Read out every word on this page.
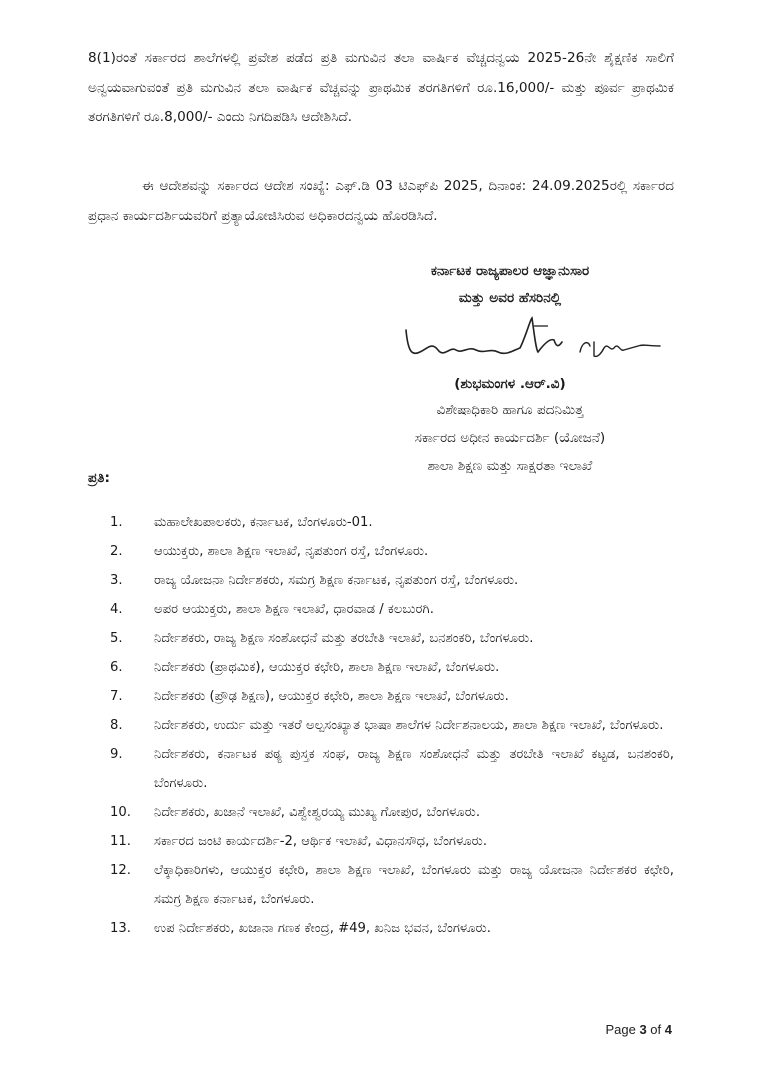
8(1)ರಂತೆ ಸರ್ಕಾರದ ಶಾಲೆಗಳಲ್ಲಿ ಪ್ರವೇಶ ಪಡೆದ ಪ್ರತಿ ಮಗುವಿನ ತಲಾ ವಾರ್ಷಿಕ ವೆಚ್ಚದನ್ವಯ 2025-26ನೇ ಶೈಕ್ಷಣಿಕ ಸಾಲಿಗೆ ಅನ್ವಯವಾಗುವಂತೆ ಪ್ರತಿ ಮಗುವಿನ ತಲಾ ವಾರ್ಷಿಕ ವೆಚ್ಚವನ್ನು ಪ್ರಾಥಮಿಕ ತರಗತಿಗಳಿಗೆ ರೂ.16,000/- ಮತ್ತು ಪೂರ್ವ ಪ್ರಾಥಮಿಕ ತರಗತಿಗಳಿಗೆ ರೂ.8,000/- ಎಂದು ನಿಗದಿಪಡಿಸಿ ಆದೇಶಿಸಿದೆ.

ಈ ಆದೇಶವನ್ನು ಸರ್ಕಾರದ ಆದೇಶ ಸಂಖ್ಯೆ: ಎಫ್.ಡಿ 03 ಟಿಎಫ್‌ಪಿ 2025, ದಿನಾಂಕ: 24.09.2025ರಲ್ಲಿ ಸರ್ಕಾರದ ಪ್ರಧಾನ ಕಾರ್ಯದರ್ಶಿಯವರಿಗೆ ಪ್ರತ್ಯಾಯೋಜಿಸಿರುವ ಅಧಿಕಾರದನ್ವಯ ಹೊರಡಿಸಿದೆ.

ಕರ್ನಾಟಕ ರಾಜ್ಯಪಾಲರ ಆಜ್ಞಾನುಸಾರ
ಮತ್ತು ಅವರ ಹೆಸರಿನಲ್ಲಿ
(ಶುಭಮಂಗಳ .ಆರ್.ವಿ)
ವಿಶೇಷಾಧಿಕಾರಿ ಹಾಗೂ ಪದನಿಮಿತ್ತ
ಸರ್ಕಾರದ ಅಧೀನ ಕಾರ್ಯದರ್ಶಿ (ಯೋಜನೆ)
ಶಾಲಾ ಶಿಕ್ಷಣ ಮತ್ತು ಸಾಕ್ಷರತಾ ಇಲಾಖೆ
ಪ್ರತಿ:
1.	ಮಹಾಲೇಖಪಾಲಕರು, ಕರ್ನಾಟಕ, ಬೆಂಗಳೂರು-01.
2.	ಆಯುಕ್ತರು, ಶಾಲಾ ಶಿಕ್ಷಣ ಇಲಾಖೆ, ನೃಪತುಂಗ ರಸ್ತೆ, ಬೆಂಗಳೂರು.
3.	ರಾಜ್ಯ ಯೋಜನಾ ನಿರ್ದೇಶಕರು, ಸಮಗ್ರ ಶಿಕ್ಷಣ ಕರ್ನಾಟಕ, ನೃಪತುಂಗ ರಸ್ತೆ, ಬೆಂಗಳೂರು.
4.	ಅಪರ ಆಯುಕ್ತರು, ಶಾಲಾ ಶಿಕ್ಷಣ ಇಲಾಖೆ, ಧಾರವಾಡ / ಕಲಬುರಗಿ.
5.	ನಿರ್ದೇಶಕರು, ರಾಜ್ಯ ಶಿಕ್ಷಣ ಸಂಶೋಧನೆ ಮತ್ತು ತರಬೇತಿ ಇಲಾಖೆ, ಬನಶಂಕರಿ, ಬೆಂಗಳೂರು.
6.	ನಿರ್ದೇಶಕರು (ಪ್ರಾಥಮಿಕ), ಆಯುಕ್ತರ ಕಛೇರಿ, ಶಾಲಾ ಶಿಕ್ಷಣ ಇಲಾಖೆ, ಬೆಂಗಳೂರು.
7.	ನಿರ್ದೇಶಕರು (ಪ್ರೌಢ ಶಿಕ್ಷಣ), ಆಯುಕ್ತರ ಕಛೇರಿ, ಶಾಲಾ ಶಿಕ್ಷಣ ಇಲಾಖೆ, ಬೆಂಗಳೂರು.
8.	ನಿರ್ದೇಶಕರು, ಉರ್ದು ಮತ್ತು ಇತರೆ ಅಲ್ಪಸಂಖ್ಯಾತ ಭಾಷಾ ಶಾಲೆಗಳ ನಿರ್ದೇಶನಾಲಯ, ಶಾಲಾ ಶಿಕ್ಷಣ ಇಲಾಖೆ, ಬೆಂಗಳೂರು.
9.	ನಿರ್ದೇಶಕರು, ಕರ್ನಾಟಕ ಪಠ್ಯ ಪುಸ್ತಕ ಸಂಘ, ರಾಜ್ಯ ಶಿಕ್ಷಣ ಸಂಶೋಧನೆ ಮತ್ತು ತರಬೇತಿ ಇಲಾಖೆ ಕಟ್ಟಡ, ಬನಶಂಕರಿ, ಬೆಂಗಳೂರು.
10.	ನಿರ್ದೇಶಕರು, ಖಜಾನೆ ಇಲಾಖೆ, ವಿಶ್ವೇಶ್ವರಯ್ಯ ಮುಖ್ಯ ಗೋಪುರ, ಬೆಂಗಳೂರು.
11.	ಸರ್ಕಾರದ ಜಂಟಿ ಕಾರ್ಯದರ್ಶಿ-2, ಆರ್ಥಿಕ ಇಲಾಖೆ, ವಿಧಾನಸೌಧ, ಬೆಂಗಳೂರು.
12.	ಲೆಕ್ಕಾಧಿಕಾರಿಗಳು, ಆಯುಕ್ತರ ಕಛೇರಿ, ಶಾಲಾ ಶಿಕ್ಷಣ ಇಲಾಖೆ, ಬೆಂಗಳೂರು ಮತ್ತು ರಾಜ್ಯ ಯೋಜನಾ ನಿರ್ದೇಶಕರ ಕಛೇರಿ, ಸಮಗ್ರ ಶಿಕ್ಷಣ ಕರ್ನಾಟಕ, ಬೆಂಗಳೂರು.
13.	ಉಪ ನಿರ್ದೇಶಕರು, ಖಜಾನಾ ಗಣಕ ಕೇಂದ್ರ, #49, ಖನಿಜ ಭವನ, ಬೆಂಗಳೂರು.
Page 3 of 4
